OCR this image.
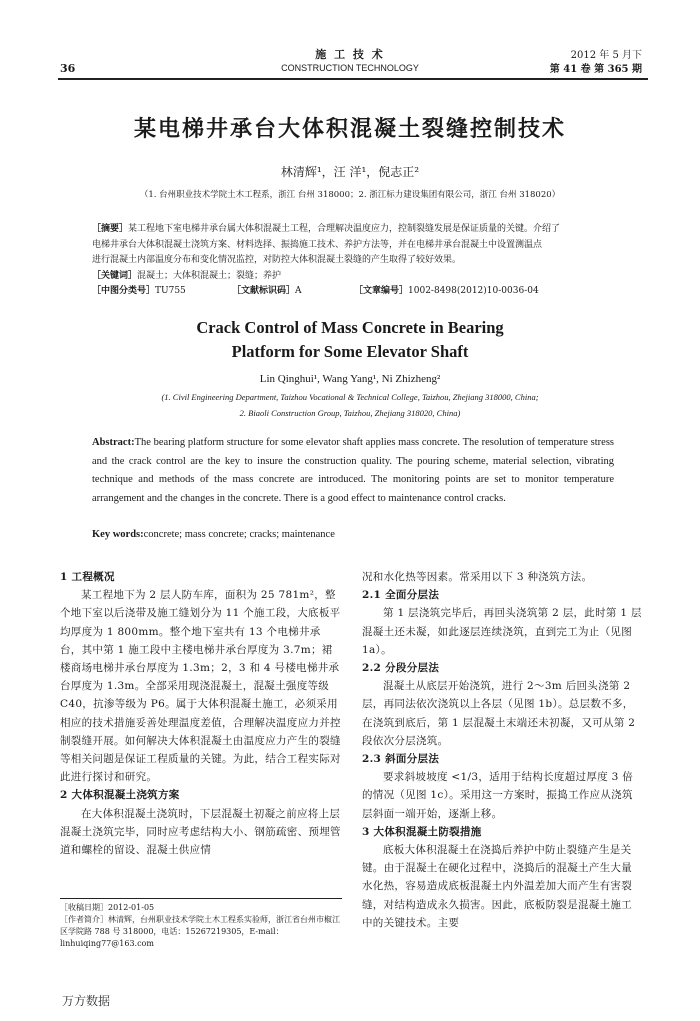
施 工 技 术
CONSTRUCTION TECHNOLOGY
36
2012 年 5 月下
第 41 卷 第 365 期
某电梯井承台大体积混凝土裂缝控制技术
林清辉¹，汪 洋¹，倪志正²
（1. 台州职业技术学院土木工程系，浙江 台州 318000；2. 浙江标力建设集团有限公司，浙江 台州 318020）
［摘要］某工程地下室电梯井承台属大体积混凝土工程，合理解决温度应力，控制裂缝发展是保证质量的关键。介绍了
电梯井承台大体积混凝土浇筑方案、材料选择、振捣施工技术、养护方法等，并在电梯井承台混凝土中设置测温点
进行混凝土内部温度分布和变化情况监控，对防控大体积混凝土裂缝的产生取得了较好效果。
［关键词］混凝土；大体积混凝土；裂缝；养护
［中图分类号］TU755	［文献标识码］A	［文章编号］1002-8498(2012)10-0036-04
Crack Control of Mass Concrete in Bearing
Platform for Some Elevator Shaft
Lin Qinghui¹, Wang Yang¹, Ni Zhizheng²
(1. Civil Engineering Department, Taizhou Vocational & Technical College, Taizhou, Zhejiang 318000, China;
2. Biaoli Construction Group, Taizhou, Zhejiang 318020, China)
Abstract:The bearing platform structure for some elevator shaft applies mass concrete. The resolution of temperature stress and the crack control are the key to insure the construction quality. The pouring scheme, material selection, vibrating technique and methods of the mass concrete are introduced. The monitoring points are set to monitor temperature arrangement and the changes in the concrete. There is a good effect to maintenance control cracks.
Key words:concrete; mass concrete; cracks; maintenance
1 工程概况

某工程地下为 2 层人防车库，面积为 25 781m²，整个地下室以后浇带及施工缝划分为 11 个施工段，大底板平均厚度为 1 800mm。整个地下室共有 13 个电梯井承台，其中第 1 施工段中主楼电梯井承台厚度为 3.7m；裙楼商场电梯井承台厚度为 1.3m；2，3 和 4 号楼电梯井承台厚度为 1.3m。全部采用现浇混凝土，混凝土强度等级 C40，抗渗等级为 P6。属于大体积混凝土施工，必须采用相应的技术措施妥善处理温度差值，合理解决温度应力并控制裂缝开展。如何解决大体积混凝土由温度应力产生的裂缝等相关问题是保证工程质量的关键。为此，结合工程实际对此进行探讨和研究。

2 大体积混凝土浇筑方案

在大体积混凝土浇筑时，下层混凝土初凝之前应将上层混凝土浇筑完毕，同时应考虑结构大小、钢筋疏密、预埋管道和螺栓的留设、混凝土供应情

［收稿日期］2012-01-05
［作者简介］林清辉，台州职业技术学院土木工程系实验师，浙江省台州市椒江区学院路 788 号 318000，电话：15267219305，E-mail：linhuiqing77@163.com

况和水化热等因素。常采用以下 3 种浇筑方法。

2.1 全面分层法

第 1 层浇筑完毕后，再回头浇筑第 2 层，此时第 1 层混凝土还未凝，如此逐层连续浇筑，直到完工为止（见图 1a）。

2.2 分段分层法

混凝土从底层开始浇筑，进行 2～3m 后回头浇第 2 层，再同法依次浇筑以上各层（见图 1b）。总层数不多，在浇筑到底后，第 1 层混凝土末端还未初凝，又可从第 2 段依次分层浇筑。

2.3 斜面分层法

要求斜坡坡度 <1/3，适用于结构长度超过厚度 3 倍的情况（见图 1c）。采用这一方案时，振捣工作应从浇筑层斜面一端开始，逐渐上移。

3 大体积混凝土防裂措施

底板大体积混凝土在浇捣后养护中防止裂缝产生是关键。由于混凝土在硬化过程中，浇捣后的混凝土产生大量水化热，容易造成底板混凝土内外温差加大而产生有害裂缝，对结构造成永久损害。因此，底板防裂是混凝土施工中的关键技术。主要

万方数据
